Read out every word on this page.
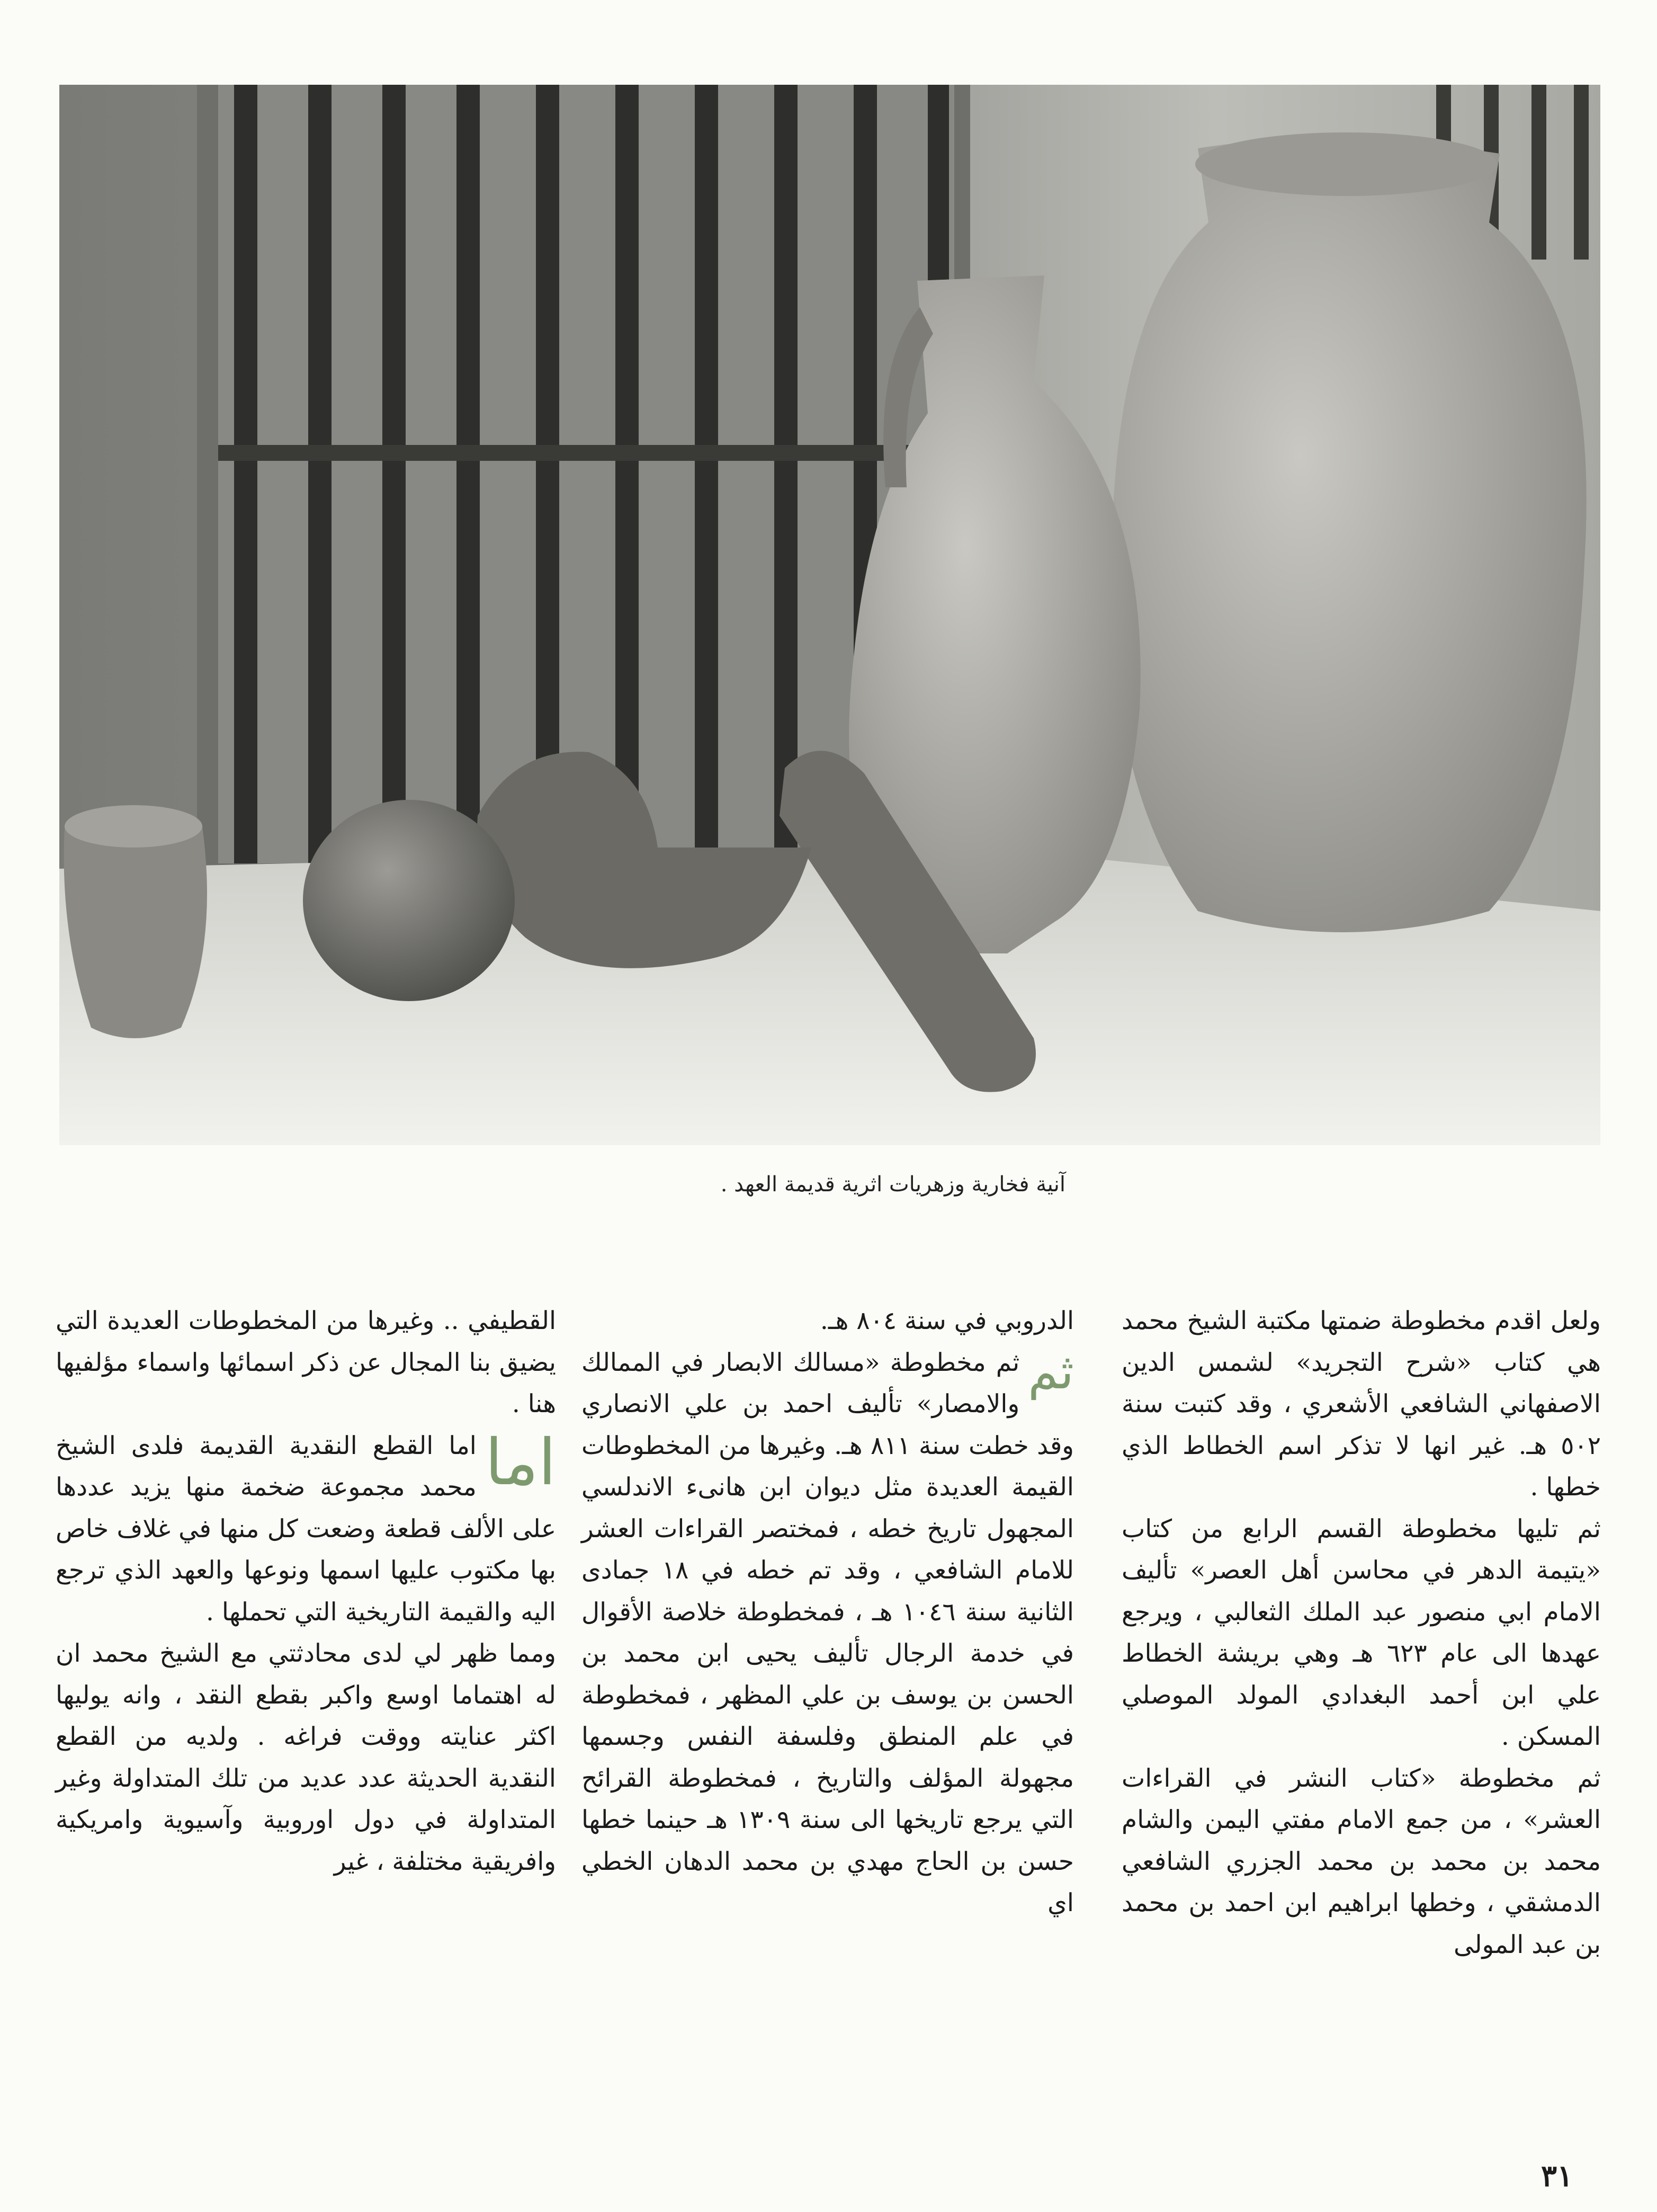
آنية فخارية وزهريات اثرية قديمة العهد .

ولعل اقدم مخطوطة ضمتها مكتبة الشيخ محمد هي كتاب «شرح التجريد» لشمس الدين الاصفهاني الشافعي الأشعري ، وقد كتبت سنة ٥٠٢ هـ. غير انها لا تذكر اسم الخطاط الذي خطها .

ثم تليها مخطوطة القسم الرابع من كتاب «يتيمة الدهر في محاسن أهل العصر» تأليف الامام ابي منصور عبد الملك الثعالبي ، ويرجع عهدها الى عام ٦٢٣ هـ وهي بريشة الخطاط علي ابن أحمد البغدادي المولد الموصلي المسكن .

ثم مخطوطة «كتاب النشر في القراءات العشر» ، من جمع الامام مفتي اليمن والشام محمد بن محمد بن محمد الجزري الشافعي الدمشقي ، وخطها ابراهيم ابن احمد بن محمد بن عبد المولى

الدروبي في سنة ٨٠٤ هـ.

ثم
ثم مخطوطة «مسالك الابصار في الممالك والامصار» تأليف احمد بن علي الانصاري وقد خطت سنة ٨١١ هـ. وغيرها من المخطوطات القيمة العديدة مثل ديوان ابن هانىء الاندلسي المجهول تاريخ خطه ، فمختصر القراءات العشر للامام الشافعي ، وقد تم خطه في ١٨ جمادى الثانية سنة ١٠٤٦ هـ ، فمخطوطة خلاصة الأقوال في خدمة الرجال تأليف يحيى ابن محمد بن الحسن بن يوسف بن علي المظهر ، فمخطوطة في علم المنطق وفلسفة النفس وجسمها مجهولة المؤلف والتاريخ ، فمخطوطة القرائح التي يرجع تاريخها الى سنة ١٣٠٩ هـ حينما خطها حسن بن الحاج مهدي بن محمد الدهان الخطي اي

القطيفي .. وغيرها من المخطوطات العديدة التي يضيق بنا المجال عن ذكر اسمائها واسماء مؤلفيها هنا .

اما
اما القطع النقدية القديمة فلدى الشيخ محمد مجموعة ضخمة منها يزيد عددها على الألف قطعة وضعت كل منها في غلاف خاص بها مكتوب عليها اسمها ونوعها والعهد الذي ترجع اليه والقيمة التاريخية التي تحملها .

ومما ظهر لي لدى محادثتي مع الشيخ محمد ان له اهتماما اوسع واكبر بقطع النقد ، وانه يوليها اكثر عنايته ووقت فراغه . ولديه من القطع النقدية الحديثة عدد عديد من تلك المتداولة وغير المتداولة في دول اوروبية وآسيوية وامريكية وافريقية مختلفة ، غير

٣١
